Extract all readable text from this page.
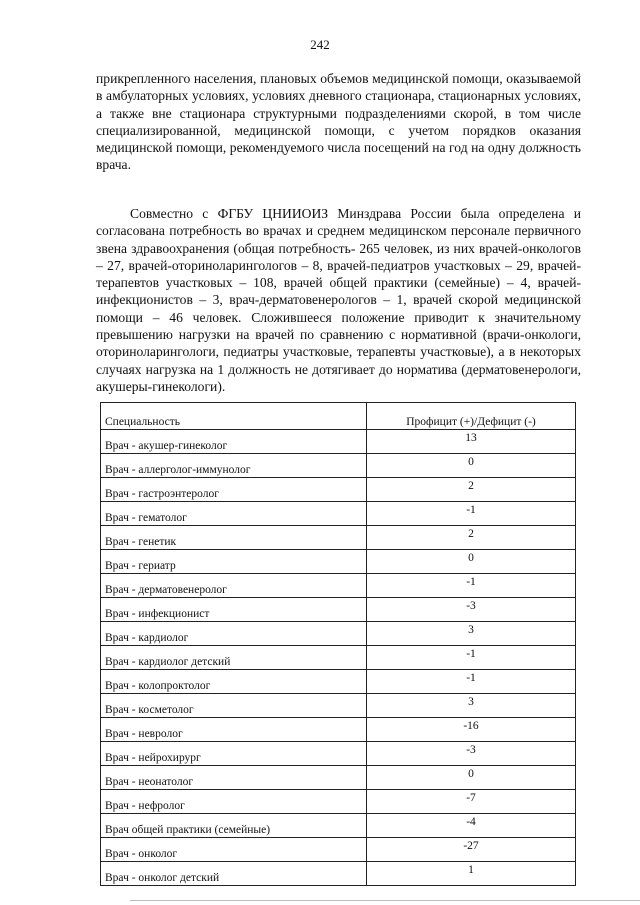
242
прикрепленного населения, плановых объемов медицинской помощи, оказываемой в амбулаторных условиях, условиях дневного стационара, стационарных условиях, а также вне стационара структурными подразделениями скорой, в том числе специализированной, медицинской помощи, с учетом порядков оказания медицинской помощи, рекомендуемого числа посещений на год на одну должность врача.
Совместно с ФГБУ ЦНИИОИЗ Минздрава России была определена и согласована потребность во врачах и среднем медицинском персонале первичного звена здравоохранения (общая потребность- 265 человек, из них врачей-онкологов – 27, врачей-оториноларингологов – 8, врачей-педиатров участковых – 29, врачей-терапевтов участковых – 108, врачей общей практики (семейные) – 4, врачей-инфекционистов – 3, врач-дерматовенерологов – 1, врачей скорой медицинской помощи – 46 человек. Сложившееся положение приводит к значительному превышению нагрузки на врачей по сравнению с нормативной (врачи-онкологи, оториноларингологи, педиатры участковые, терапевты участковые), а в некоторых случаях нагрузка на 1 должность не дотягивает до норматива (дерматовенерологи, акушеры-гинекологи).
Специальность	Профицит (+)/Дефицит (-)
Врач - акушер-гинеколог	13
Врач - аллерголог-иммунолог	0
Врач - гастроэнтеролог	2
Врач - гематолог	-1
Врач - генетик	2
Врач - гериатр	0
Врач - дерматовенеролог	-1
Врач - инфекционист	-3
Врач - кардиолог	3
Врач - кардиолог детский	-1
Врач - колопроктолог	-1
Врач - косметолог	3
Врач - невролог	-16
Врач - нейрохирург	-3
Врач - неонатолог	0
Врач - нефролог	-7
Врач общей практики (семейные)	-4
Врач - онколог	-27
Врач - онколог детский	1
